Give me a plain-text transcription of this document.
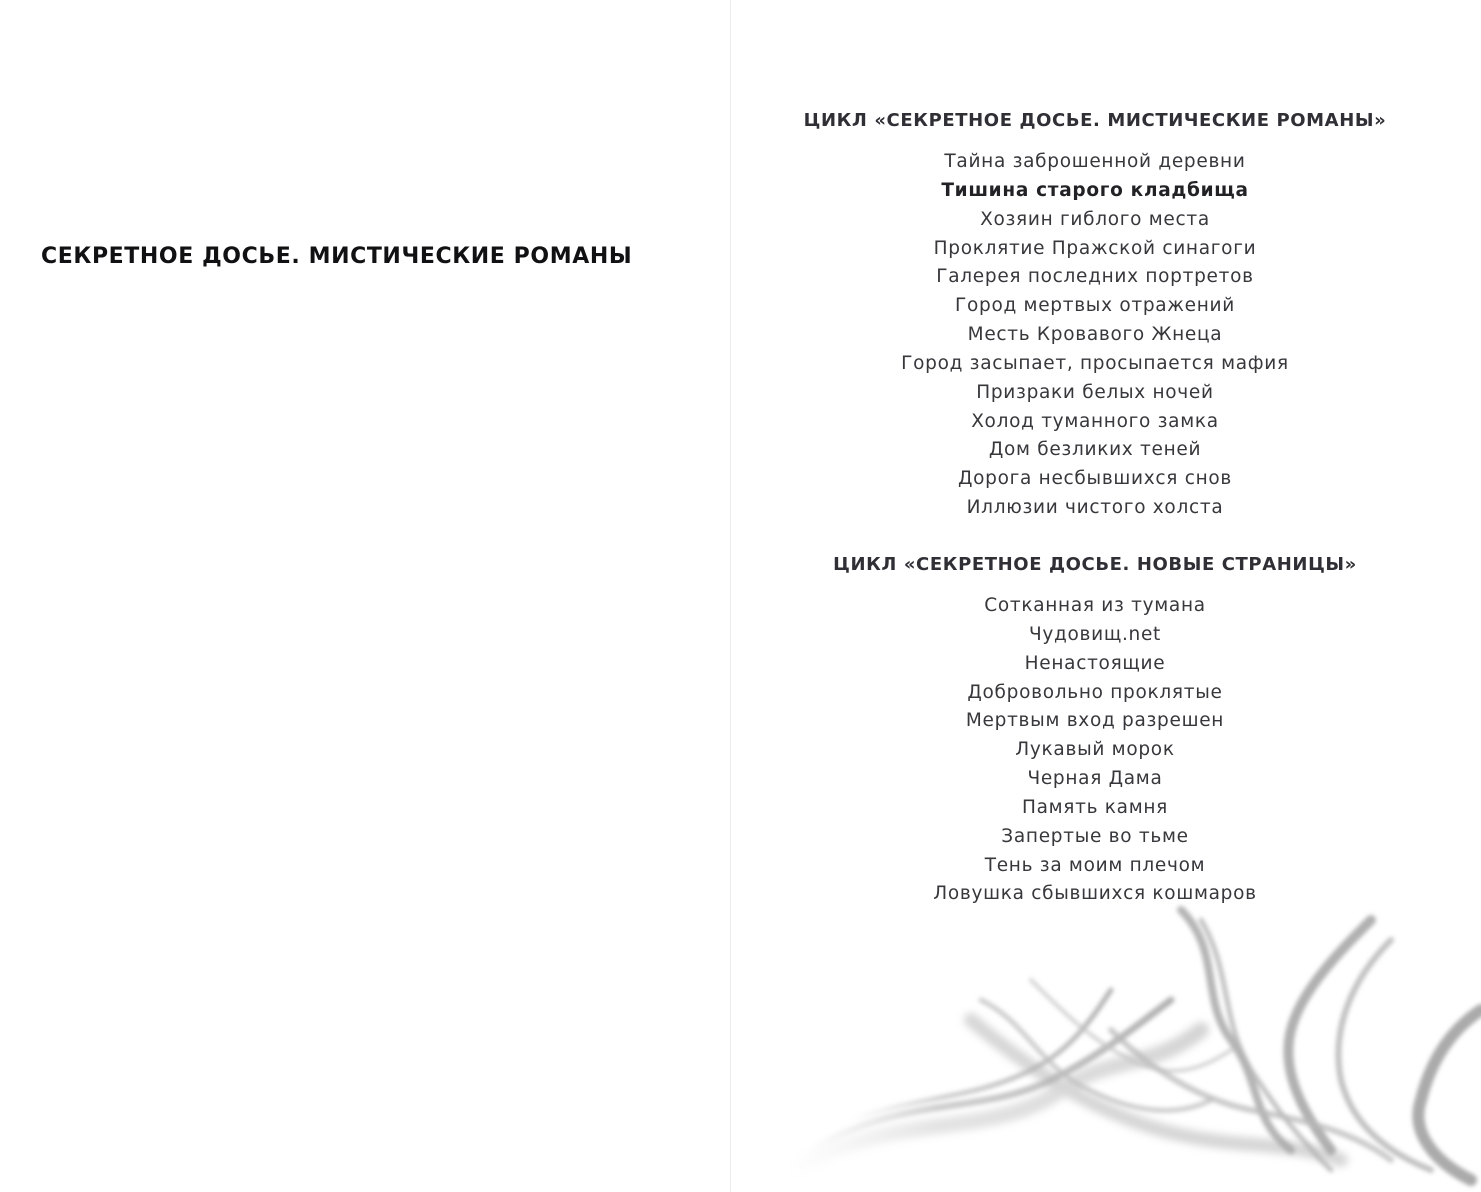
СЕКРЕТНОЕ ДОСЬЕ. МИСТИЧЕСКИЕ РОМАНЫ
ЦИКЛ «СЕКРЕТНОЕ ДОСЬЕ. МИСТИЧЕСКИЕ РОМАНЫ»
Тайна заброшенной деревни
Тишина старого кладбища
Хозяин гиблого места
Проклятие Пражской синагоги
Галерея последних портретов
Город мертвых отражений
Месть Кровавого Жнеца
Город засыпает, просыпается мафия
Призраки белых ночей
Холод туманного замка
Дом безликих теней
Дорога несбывшихся снов
Иллюзии чистого холста
ЦИКЛ «СЕКРЕТНОЕ ДОСЬЕ. НОВЫЕ СТРАНИЦЫ»
Сотканная из тумана
Чудовищ.net
Ненастоящие
Добровольно проклятые
Мертвым вход разрешен
Лукавый морок
Черная Дама
Память камня
Запертые во тьме
Тень за моим плечом
Ловушка сбывшихся кошмаров
